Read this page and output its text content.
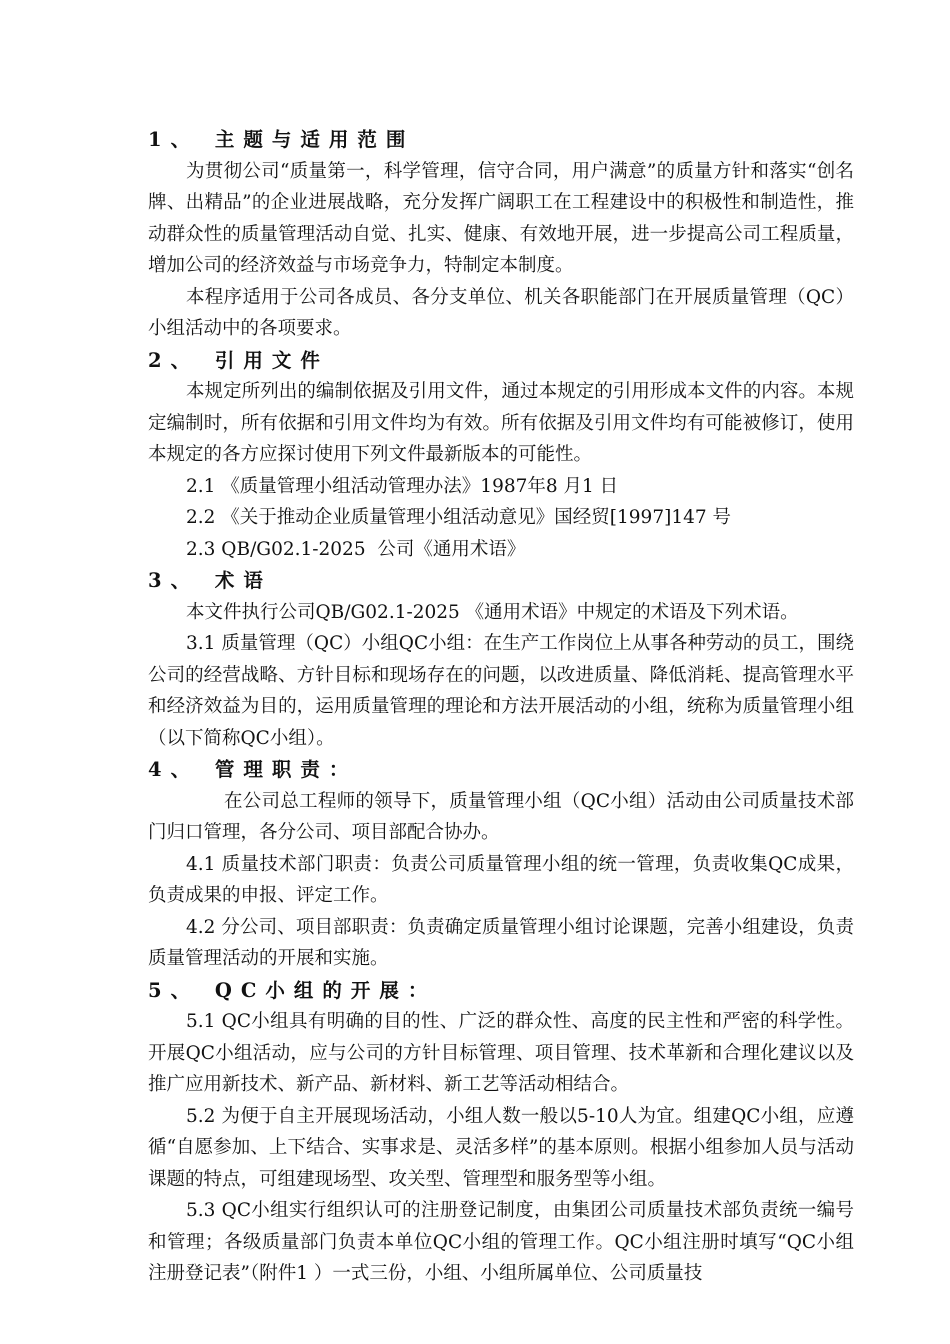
1、 主题与适用范围

为贯彻公司“质量第一，科学管理，信守合同，用户满意”的质量方针和落实“创名牌、出精品”的企业进展战略，充分发挥广阔职工在工程建设中的积极性和制造性，推动群众性的质量管理活动自觉、扎实、健康、有效地开展，进一步提高公司工程质量，增加公司的经济效益与市场竞争力，特制定本制度。

本程序适用于公司各成员、各分支单位、机关各职能部门在开展质量管理（QC）小组活动中的各项要求。

2、 引用文件

本规定所列出的编制依据及引用文件，通过本规定的引用形成本文件的内容。本规定编制时，所有依据和引用文件均为有效。所有依据及引用文件均有可能被修订，使用本规定的各方应探讨使用下列文件最新版本的可能性。

2.1 《质量管理小组活动管理办法》1987年8 月1 日

2.2 《关于推动企业质量管理小组活动意见》国经贸[1997]147 号

2.3 QB/G02.1-2025  公司《通用术语》

3、 术语

本文件执行公司QB/G02.1-2025 《通用术语》中规定的术语及下列术语。

3.1 质量管理（QC）小组QC小组：在生产工作岗位上从事各种劳动的员工，围绕公司的经营战略、方针目标和现场存在的问题，以改进质量、降低消耗、提高管理水平和经济效益为目的，运用质量管理的理论和方法开展活动的小组，统称为质量管理小组（以下简称QC小组）。

4、 管理职责：

在公司总工程师的领导下，质量管理小组（QC小组）活动由公司质量技术部门归口管理，各分公司、项目部配合协办。

4.1 质量技术部门职责：负责公司质量管理小组的统一管理，负责收集QC成果，负责成果的申报、评定工作。

4.2 分公司、项目部职责：负责确定质量管理小组讨论课题，完善小组建设，负责质量管理活动的开展和实施。

5、 QC小组的开展：

5.1 QC小组具有明确的目的性、广泛的群众性、高度的民主性和严密的科学性。开展QC小组活动，应与公司的方针目标管理、项目管理、技术革新和合理化建议以及推广应用新技术、新产品、新材料、新工艺等活动相结合。

5.2 为便于自主开展现场活动，小组人数一般以5-10人为宜。组建QC小组，应遵循“自愿参加、上下结合、实事求是、灵活多样”的基本原则。根据小组参加人员与活动课题的特点，可组建现场型、攻关型、管理型和服务型等小组。

5.3 QC小组实行组织认可的注册登记制度，由集团公司质量技术部负责统一编号和管理；各级质量部门负责本单位QC小组的管理工作。QC小组注册时填写“QC小组注册登记表”（附件1 ）一式三份，小组、小组所属单位、公司质量技
